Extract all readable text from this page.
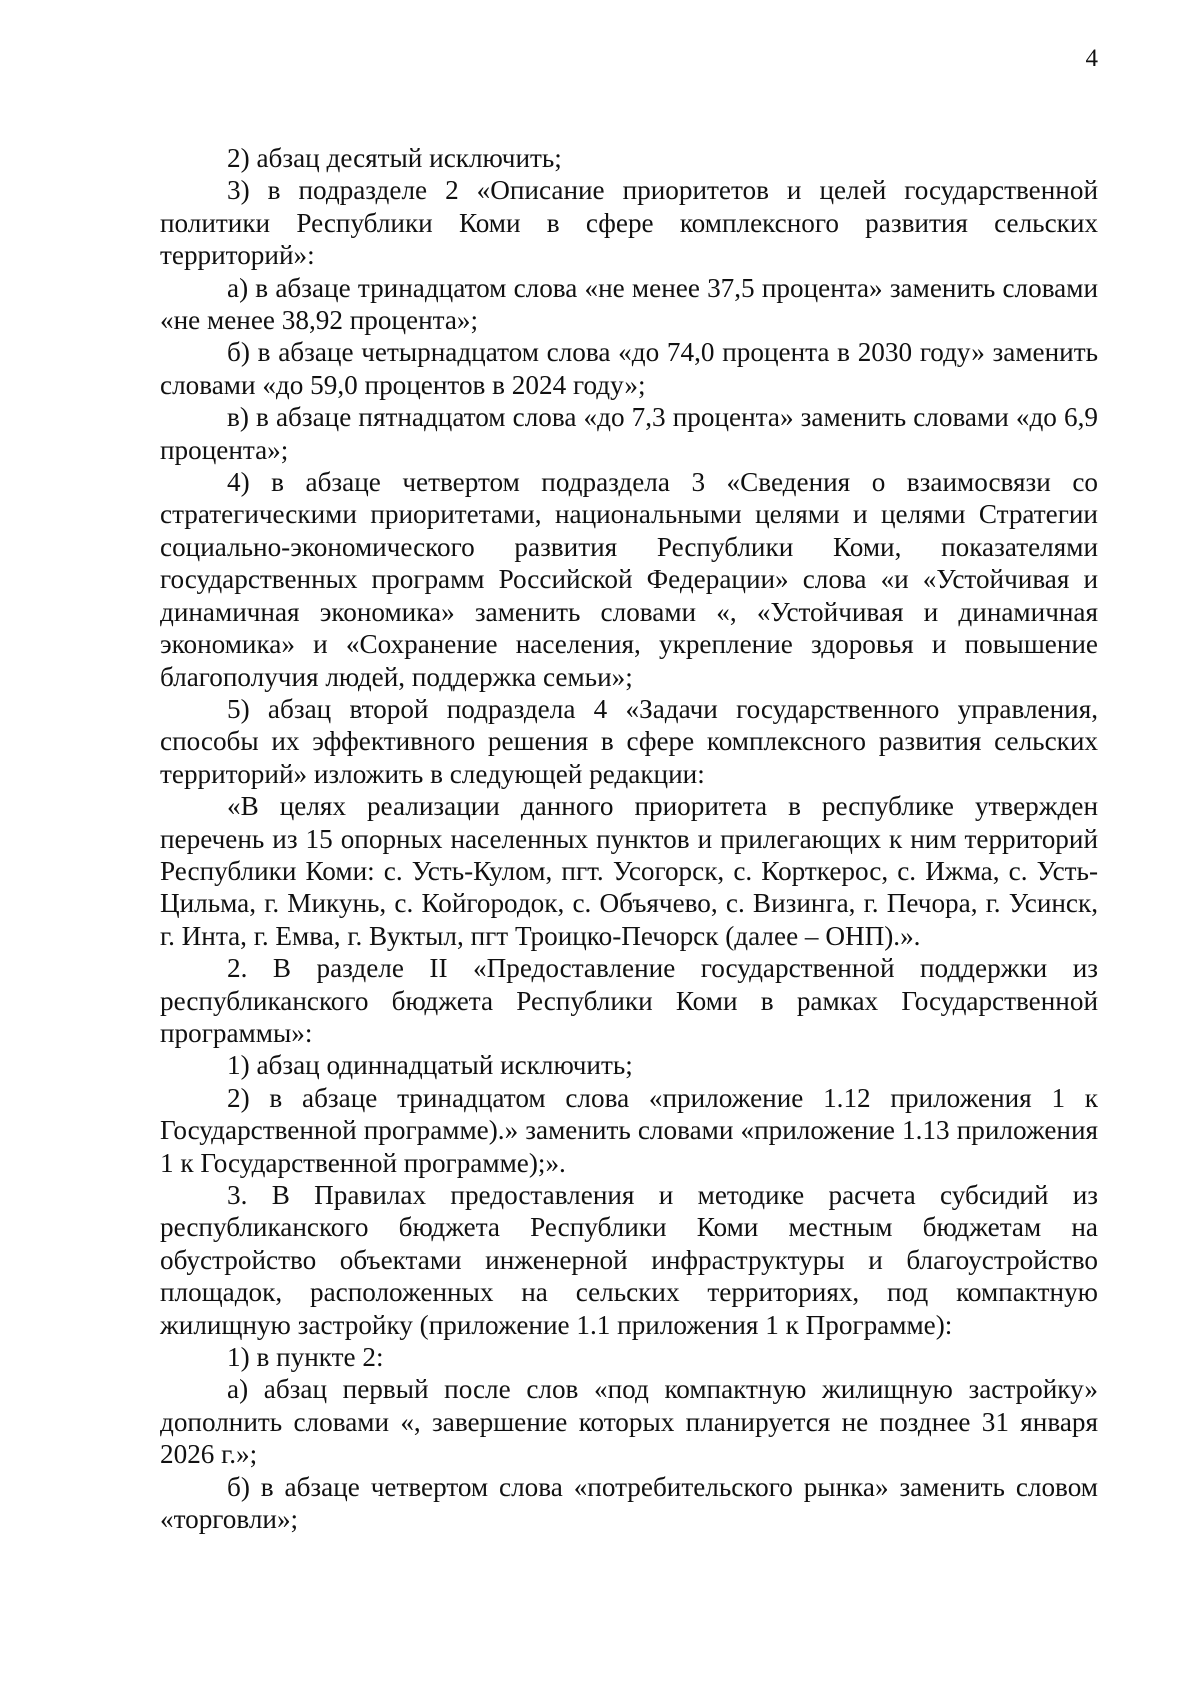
4

2) абзац десятый исключить;

3) в подразделе 2 «Описание приоритетов и целей государственной политики Республики Коми в сфере комплексного развития сельских территорий»:

а) в абзаце тринадцатом слова «не менее 37,5 процента» заменить словами «не менее 38,92 процента»;

б) в абзаце четырнадцатом слова «до 74,0 процента в 2030 году» заменить словами «до 59,0 процентов в 2024 году»;

в) в абзаце пятнадцатом слова «до 7,3 процента» заменить словами «до 6,9 процента»;

4) в абзаце четвертом подраздела 3 «Сведения о взаимосвязи со стратегическими приоритетами, национальными целями и целями Стратегии социально-экономического развития Республики Коми, показателями государственных программ Российской Федерации» слова «и «Устойчивая и динамичная экономика» заменить словами «, «Устойчивая и динамичная экономика» и «Сохранение населения, укрепление здоровья и повышение благополучия людей, поддержка семьи»;

5) абзац второй подраздела 4 «Задачи государственного управления, способы их эффективного решения в сфере комплексного развития сельских территорий» изложить в следующей редакции:

«В целях реализации данного приоритета в республике утвержден перечень из 15 опорных населенных пунктов и прилегающих к ним территорий Республики Коми: с. Усть-Кулом, пгт. Усогорск, с. Корткерос, с. Ижма, с. Усть-Цильма, г. Микунь, с. Койгородок, с. Объячево, с. Визинга, г. Печора, г. Усинск, г. Инта, г. Емва, г. Вуктыл, пгт Троицко-Печорск (далее – ОНП).».

2. В разделе II «Предоставление государственной поддержки из республиканского бюджета Республики Коми в рамках Государственной программы»:

1) абзац одиннадцатый исключить;

2) в абзаце тринадцатом слова «приложение 1.12 приложения 1 к Государственной программе).» заменить словами «приложение 1.13 приложения 1 к Государственной программе);».

3. В Правилах предоставления и методике расчета субсидий из республиканского бюджета Республики Коми местным бюджетам на обустройство объектами инженерной инфраструктуры и благоустройство площадок, расположенных на сельских территориях, под компактную жилищную застройку (приложение 1.1 приложения 1 к Программе):

1) в пункте 2:

а) абзац первый после слов «под компактную жилищную застройку» дополнить словами «, завершение которых планируется не позднее 31 января 2026 г.»;

б) в абзаце четвертом слова «потребительского рынка» заменить словом «торговли»;
